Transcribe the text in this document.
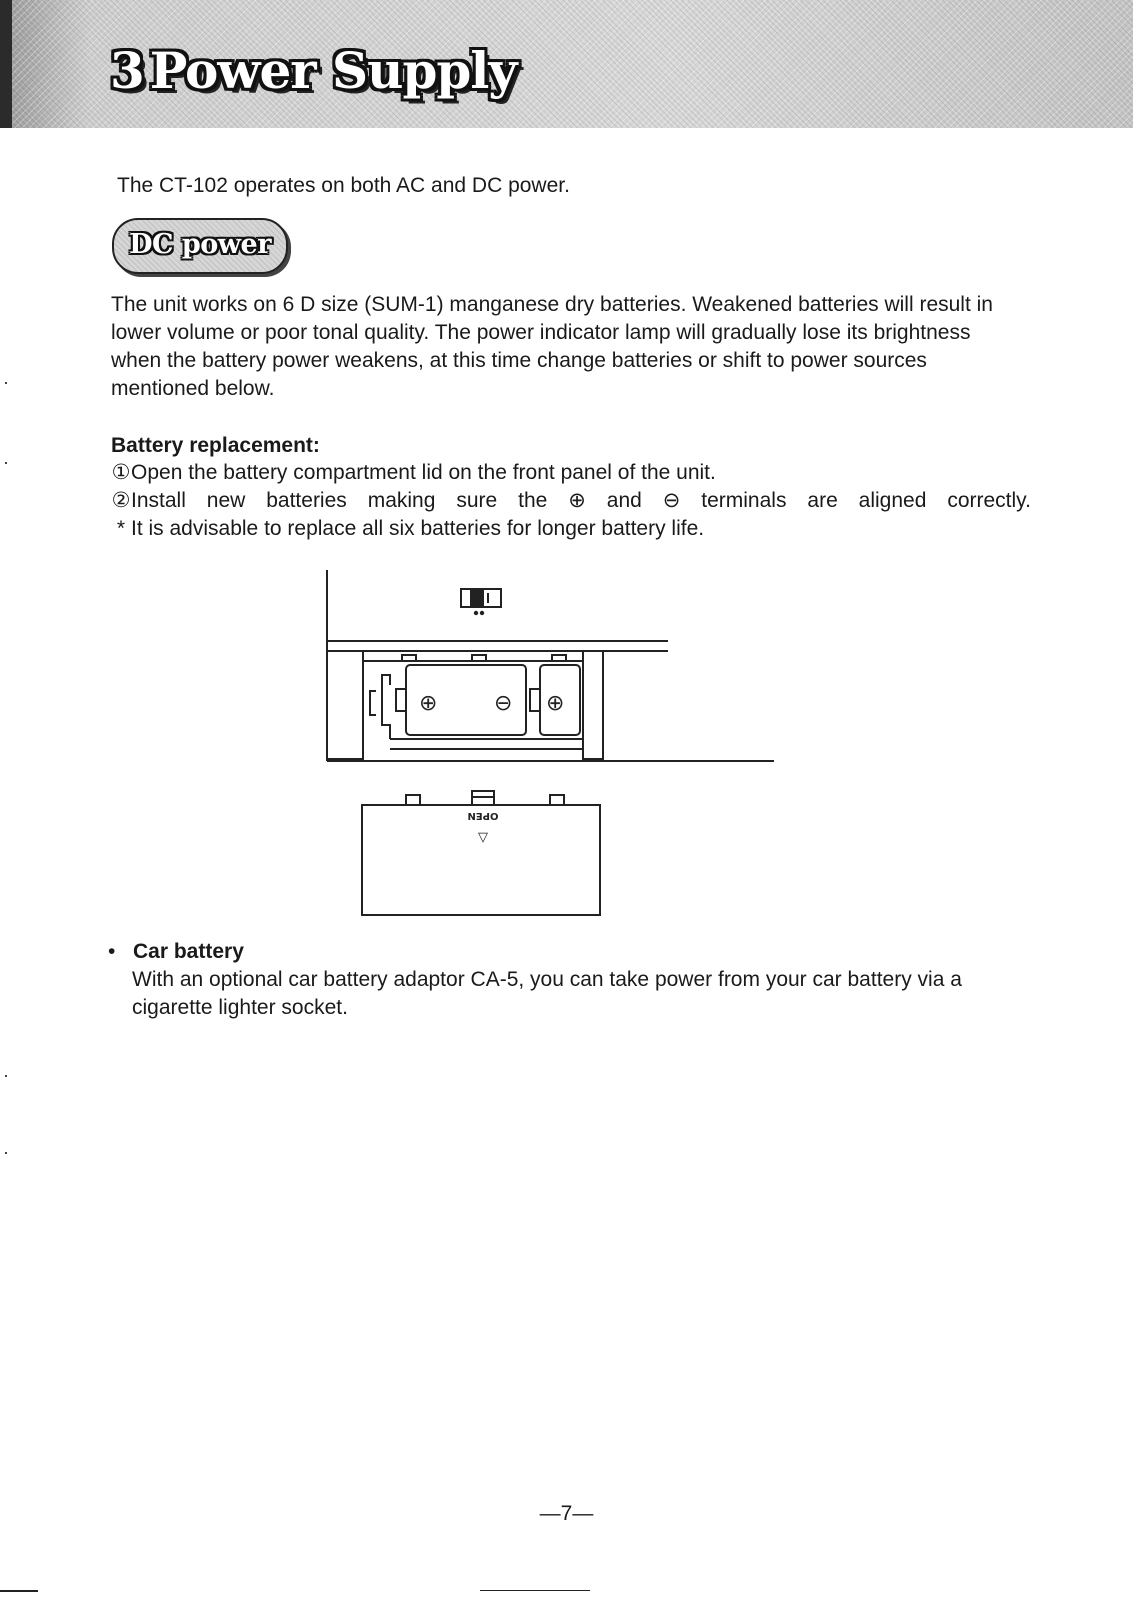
3 Power Supply

The CT-102 operates on both AC and DC power.

DC power

The unit works on 6 D size (SUM-1) manganese dry batteries. Weakened batteries will result in lower volume or poor tonal quality. The power indicator lamp will gradually lose its brightness when the battery power weakens, at this time change batteries or shift to power sources mentioned below.

Battery replacement:
①Open the battery compartment lid on the front panel of the unit.
②Install new batteries making sure the ⊕ and ⊖ terminals are aligned correctly.
* It is advisable to replace all six batteries for longer battery life.
⊕	⊖ ⊕
OPEN
▽
• Car battery

With an optional car battery adaptor CA-5, you can take power from your car battery via a cigarette lighter socket.

—7—
